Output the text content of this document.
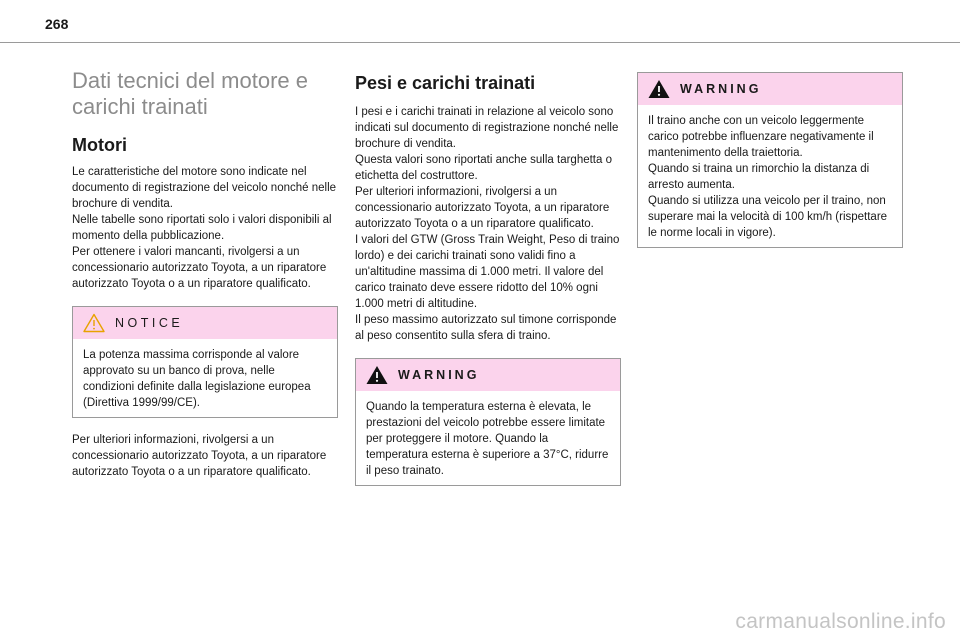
268
Dati tecnici del motore e
carichi trainati
Motori

Le caratteristiche del motore sono indicate nel documento di registrazione del veicolo nonché nelle brochure di vendita.

Nelle tabelle sono riportati solo i valori disponibili al momento della pubblicazione.

Per ottenere i valori mancanti, rivolgersi a un concessionario autorizzato Toyota, a un riparatore autorizzato Toyota o a un riparatore qualificato.

NOTICE

La potenza massima corrisponde al valore approvato su un banco di prova, nelle condizioni definite dalla legislazione europea (Direttiva 1999/99/CE).

Per ulteriori informazioni, rivolgersi a un concessionario autorizzato Toyota, a un riparatore autorizzato Toyota o a un riparatore qualificato.

Pesi e carichi trainati

I pesi e i carichi trainati in relazione al veicolo sono indicati sul documento di registrazione nonché nelle brochure di vendita.

Questa valori sono riportati anche sulla targhetta o etichetta del costruttore.

Per ulteriori informazioni, rivolgersi a un concessionario autorizzato Toyota, a un riparatore autorizzato Toyota o a un riparatore qualificato.

I valori del GTW (Gross Train Weight, Peso di traino lordo) e dei carichi trainati sono validi fino a un'altitudine massima di 1.000 metri. Il valore del carico trainato deve essere ridotto del 10% ogni 1.000 metri di altitudine.

Il peso massimo autorizzato sul timone corrisponde al peso consentito sulla sfera di traino.

WARNING

Quando la temperatura esterna è elevata, le prestazioni del veicolo potrebbe essere limitate per proteggere il motore. Quando la temperatura esterna è superiore a 37°C, ridurre il peso trainato.

WARNING

Il traino anche con un veicolo leggermente carico potrebbe influenzare negativamente il mantenimento della traiettoria.

Quando si traina un rimorchio la distanza di arresto aumenta.

Quando si utilizza una veicolo per il traino, non superare mai la velocità di 100 km/h (rispettare le norme locali in vigore).

carmanualsonline.info
